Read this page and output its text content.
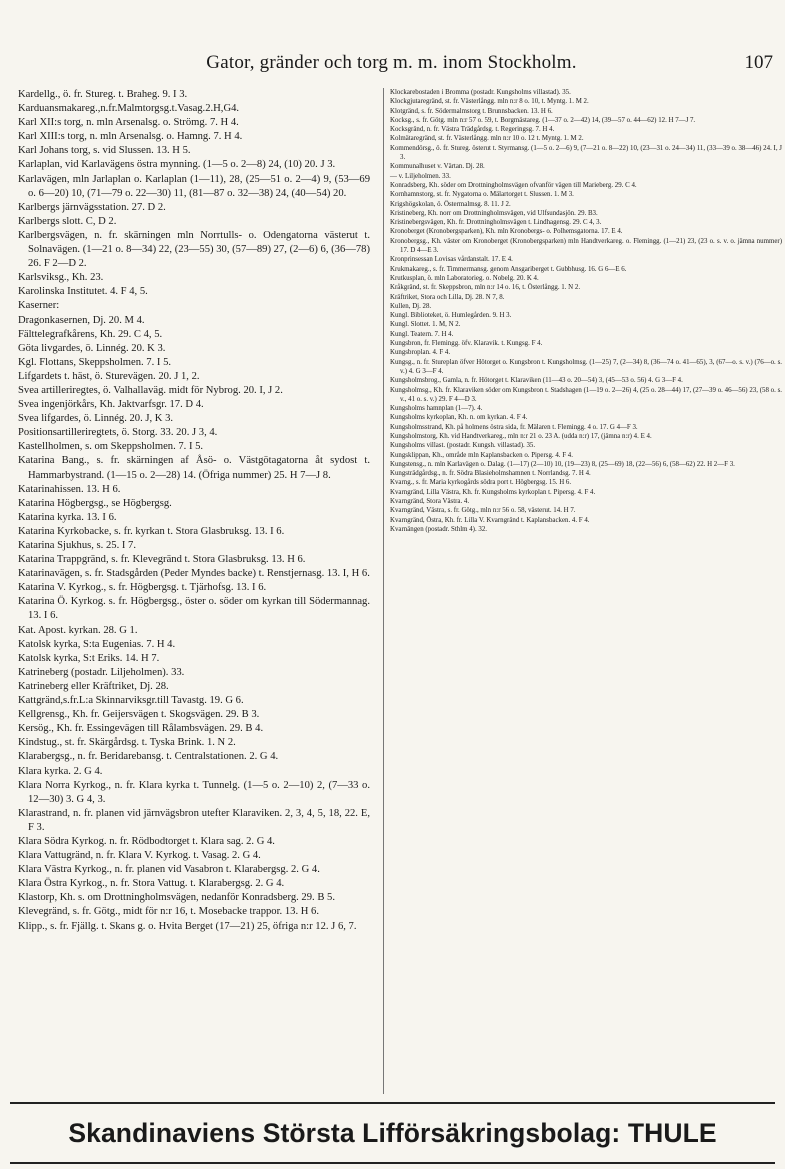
Gator, gränder och torg m. m. inom Stockholm.	107

Kardellg., ö. fr. Stureg. t. Braheg. 9. I 3.

Karduansmakareg.,n.fr.Malmtorgsg.t.Vasag.2.H,G4.

Karl XII:s torg, n. mln Arsenalsg. o. Strömg. 7. H 4.

Karl XIII:s torg, n. mln Arsenalsg. o. Hamng. 7. H 4.

Karl Johans torg, s. vid Slussen. 13. H 5.

Karlaplan, vid Karlavägens östra mynning. (1—5 o. 2—8) 24, (10) 20. J 3.

Karlavägen, mln Jarlaplan o. Karlaplan (1—11), 28, (25—51 o. 2—4) 9, (53—69 o. 6—20) 10, (71—79 o. 22—30) 11, (81—87 o. 32—38) 24, (40—54) 20.

Karlbergs järnvägsstation. 27. D 2.

Karlbergs slott. C, D 2.

Karlbergsvägen, n. fr. skärningen mln Norrtulls- o. Odengatorna västerut t. Solnavägen. (1—21 o. 8—34) 22, (23—55) 30, (57—89) 27, (2—6) 6, (36—78) 26. F 2—D 2.

Karlsviksg., Kh. 23.

Karolinska Institutet. 4. F 4, 5.

Kaserner:

Dragonkasernen, Dj. 20. M 4.

Fälttelegrafkårens, Kh. 29. C 4, 5.

Göta livgardes, ö. Linnég. 20. K 3.

Kgl. Flottans, Skeppsholmen. 7. I 5.

Lifgardets t. häst, ö. Sturevägen. 20. J 1, 2.

Svea artilleriregtes, ö. Valhallaväg. midt för Nybrog. 20. I, J 2.

Svea ingenjörkårs, Kh. Jaktvarfsgr. 17. D 4.

Svea lifgardes, ö. Linnég. 20. J, K 3.

Positionsartilleriregtets, ö. Storg. 33. 20. J 3, 4.

Kastellholmen, s. om Skeppsholmen. 7. I 5.

Katarina Bang., s. fr. skärningen af Åsö- o. Västgötagatorna åt sydost t. Hammarbystrand. (1—15 o. 2—28) 14. (Öfriga nummer) 25. H 7—J 8.

Katarinahissen. 13. H 6.

Katarina Högbergsg., se Högbergsg.

Katarina kyrka. 13. I 6.

Katarina Kyrkobacke, s. fr. kyrkan t. Stora Glasbruksg. 13. I 6.

Katarina Sjukhus, s. 25. I 7.

Katarina Trappgränd, s. fr. Klevegränd t. Stora Glasbruksg. 13. H 6.

Katarinavägen, s. fr. Stadsgården (Peder Myndes backe) t. Renstjernasg. 13. I, H 6.

Katarina V. Kyrkog., s. fr. Högbergsg. t. Tjärhofsg. 13. I 6.

Katarina Ö. Kyrkog. s. fr. Högbergsg., öster o. söder om kyrkan till Södermannag. 13. I 6.

Kat. Apost. kyrkan. 28. G 1.

Katolsk kyrka, S:ta Eugenias. 7. H 4.

Katolsk kyrka, S:t Eriks. 14. H 7.

Katrineberg (postadr. Liljeholmen). 33.

Katrineberg eller Kräftriket, Dj. 28.

Kattgränd,s.fr.L:a Skinnarviksgr.till Tavastg. 19. G 6.

Kellgrensg., Kh. fr. Geijersvägen t. Skogsvägen. 29. B 3.

Kersög., Kh. fr. Essingevägen till Rålambsvägen. 29. B 4.

Kindstug., st. fr. Skärgårdsg. t. Tyska Brink. 1. N 2.

Klarabergsg., n. fr. Beridarebansg. t. Centralstationen. 2. G 4.

Klara kyrka. 2. G 4.

Klara Norra Kyrkog., n. fr. Klara kyrka t. Tunnelg. (1—5 o. 2—10) 2, (7—33 o. 12—30) 3. G 4, 3.

Klarastrand, n. fr. planen vid järnvägsbron utefter Klaraviken. 2, 3, 4, 5, 18, 22. E, F 3.

Klara Södra Kyrkog. n. fr. Rödbodtorget t. Klara sag. 2. G 4.

Klara Vattugränd, n. fr. Klara V. Kyrkog. t. Vasag. 2. G 4.

Klara Västra Kyrkog., n. fr. planen vid Vasabron t. Klarabergsg. 2. G 4.

Klara Östra Kyrkog., n. fr. Stora Vattug. t. Klarabergsg. 2. G 4.

Klastorp, Kh. s. om Drottningholmsvägen, nedanför Konradsberg. 29. B 5.

Klevegränd, s. fr. Götg., midt för n:r 16, t. Mosebacke trappor. 13. H 6.

Klipp., s. fr. Fjällg. t. Skans g. o. Hvita Berget (17—21) 25, öfriga n:r 12. J 6, 7.

Klockarebostaden i Bromma (postadr. Kungsholms villastad). 35.

Klockgjutaregränd, st. fr. Västerlångg. mln n:r 8 o. 10, t. Myntg. 1. M 2.

Klotgränd, s. fr. Södermalmstorg t. Brunnsbacken. 13. H 6.

Kocksg., s. fr. Götg. mln n:r 57 o. 59, t. Borgmästareg. (1—37 o. 2—42) 14, (39—57 o. 44—62) 12. H 7—J 7.

Kocksgränd, n. fr. Västra Trädgårdsg. t. Regeringsg. 7. H 4.

Kolmätaregränd, st. fr. Västerlångg. mln n:r 10 o. 12 t. Myntg. 1. M 2.

Kommendörsg., ö. fr. Stureg. österut t. Styrmansg. (1—5 o. 2—6) 9, (7—21 o. 8—22) 10, (23—31 o. 24—34) 11, (33—39 o. 38—46) 24. I, J 3.

Kommunalhuset v. Värtan. Dj. 28.

— v. Liljeholmen. 33.

Konradsberg, Kh. söder om Drottningholmsvägen ofvanför vägen till Marieberg. 29. C 4.

Kornhamnstorg, st. fr. Nygatorna o. Mälartorget t. Slussen. 1. M 3.

Krigshögskolan, ö. Östermalmsg. 8. 11. J 2.

Kristineberg, Kh. norr om Drottningholmsvägen, vid Ulfsundasjön. 29. B3.

Kristinebergsvägen, Kh. fr. Drottningholmsvägen t. Lindhagensg. 29. C 4, 3.

Kronoberget (Kronobergsparken), Kh. mln Kronobergs- o. Polhemsgatorna. 17. E 4.

Kronobergsg., Kh. väster om Kronoberget (Kronobergsparken) mln Handtverkareg. o. Flemingg. (1—21) 23, (23 o. s. v. o. jämna nummer) 17. D 4—E 3.

Kronprinsessan Lovisas vårdanstalt. 17. E 4.

Krukmakareg., s. fr. Timmermansg. genom Ansgariberget t. Gubbhusg. 16. G 6—E 6.

Krutkusplan, ö. mln Laboratorieg. o. Nobelg. 20. K 4.

Kråkgränd, st. fr. Skeppsbron, mln n:r 14 o. 16, t. Österlångg. 1. N 2.

Kräftriket, Stora och Lilla, Dj. 28. N 7, 8.

Kullen, Dj. 28.

Kungl. Biblioteket, ö. Humlegården. 9. H 3.

Kungl. Slottet. 1. M, N 2.

Kungl. Teatern. 7. H 4.

Kungsbron, fr. Flemingg. öfv. Klaravik. t. Kungsg. F 4.

Kungsbroplan. 4. F 4.

Kungsg., n. fr. Stureplan öfver Hötorget o. Kungsbron t. Kungsholmsg. (1—25) 7, (2—34) 8, (36—74 o. 41—65), 3, (67—o. s. v.) (76—o. s. v.) 4. G 3—F 4.

Kungsholmsbrog., Gamla, n. fr. Hötorget t. Klaraviken (11—43 o. 20—54) 3, (45—53 o. 56) 4. G 3—F 4.

Kungsholmsg., Kh. fr. Klaraviken söder om Kungsbron t. Stadshagen (1—19 o. 2—26) 4, (25 o. 28—44) 17, (27—39 o. 46—56) 23, (58 o. s. v., 41 o. s. v.) 29. F 4—D 3.

Kungsholms hamnplan (1—7). 4.

Kungsholms kyrkoplan, Kh. n. om kyrkan. 4. F 4.

Kungsholmsstrand, Kh. på holmens östra sida, fr. Mälaren t. Flemingg. 4 o. 17. G 4—F 3.

Kungsholmstorg, Kh. vid Handtverkareg., mln n:r 21 o. 23 A. (udda n:r) 17, (jämna n:r) 4. E 4.

Kungsholms villast. (postadr. Kungsh. villastad). 35.

Kungsklippan, Kh., område mln Kaplansbacken o. Pipersg. 4. F 4.

Kungstensg., n. mln Karlavägen o. Dalag. (1—17) (2—10) 10, (19—23) 8, (25—69) 18, (22—56) 6, (58—62) 22. H 2—F 3.

Kungsträdgårdsg., n. fr. Södra Blasieholmshamnen t. Norrlandsg. 7. H 4.

Kvarng., s. fr. Maria kyrkogårds södra port t. Högbergsg. 15. H 6.

Kvarngränd, Lilla Västra, Kh. fr. Kungsholms kyrkoplan t. Pipersg. 4. F 4.

Kvarngränd, Stora Västra. 4.

Kvarngränd, Västra, s. fr. Götg., mln n:r 56 o. 58, västerut. 14. H 7.

Kvarngränd, Östra, Kh. fr. Lilla V. Kvarngränd t. Kaplansbacken. 4. F 4.

Kvarnängen (postadr. Sthlm 4). 32.

Skandinaviens Största Lifförsäkringsbolag: THULE
